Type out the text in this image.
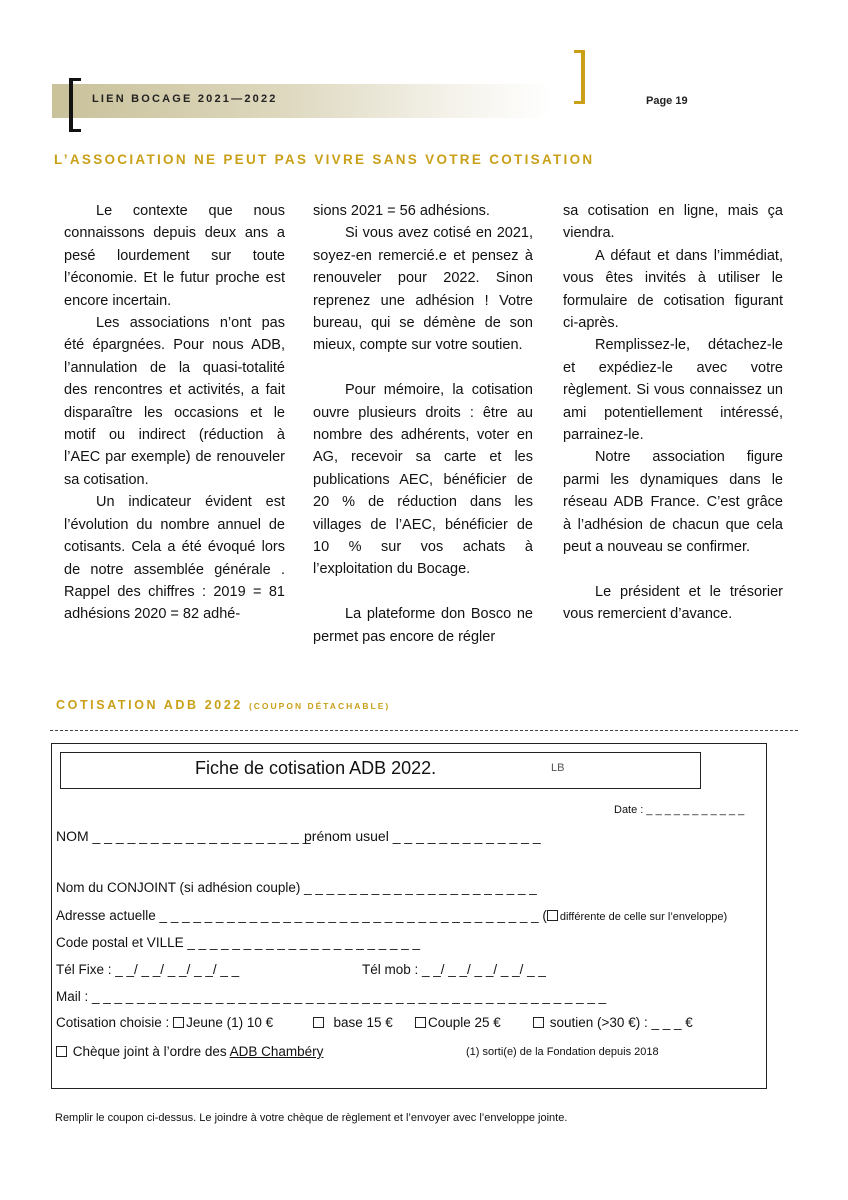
LIEN BOCAGE 2021—2022	Page 19
L’ASSOCIATION NE PEUT PAS VIVRE SANS VOTRE COTISATION

Le contexte que nous connaissons depuis deux ans a pesé lourdement sur toute l’économie. Et le futur proche est encore incertain.

Les associations n’ont pas été épargnées. Pour nous ADB, l’annulation de la quasi-totalité des rencontres et activités, a fait disparaître les occasions et le motif ou indirect (réduction à l’AEC par exemple) de renouveler sa cotisation.

Un indicateur évident est l’évolution du nombre annuel de cotisants. Cela a été évoqué lors de notre assemblée générale . Rappel des chiffres : 2019 = 81 adhésions 2020 = 82 adhé-

sions 2021 = 56 adhésions.

Si vous avez cotisé en 2021, soyez-en remercié.e et pensez à renouveler pour 2022. Sinon reprenez une adhésion ! Votre bureau, qui se démène de son mieux, compte sur votre soutien.

Pour mémoire, la cotisation ouvre plusieurs droits : être au nombre des adhérents, voter en AG, recevoir sa carte et les publications AEC, bénéficier de 20 % de réduction dans les villages de l’AEC, bénéficier de 10 % sur vos achats à l’exploitation du Bocage.

La plateforme don Bosco ne permet pas encore de régler

sa cotisation en ligne, mais ça viendra.

A défaut et dans l’immédiat, vous êtes invités à utiliser le formulaire de cotisation figurant ci-après.

Remplissez-le, détachez-le et expédiez-le avec votre règlement. Si vous connaissez un ami potentiellement intéressé, parrainez-le.

Notre association figure parmi les dynamiques dans le réseau ADB France. C’est grâce à l’adhésion de chacun que cela peut a nouveau se confirmer.

Le président et le trésorier vous remercient d’avance.

COTISATION ADB 2022 (COUPON DÉTACHABLE)
Fiche de cotisation ADB 2022.	LB
Date : _ _ _ _ _ _ _ _ _ _ _
NOM _ _ _ _ _ _ _ _ _ _ _ _ _ _ _ _ _ _ _
prénom usuel _ _ _ _ _ _ _ _ _ _ _ _ _
Nom du CONJOINT (si adhésion couple) _ _ _ _ _ _ _ _ _ _ _ _ _ _ _ _ _ _ _ _ _
Adresse actuelle _ _ _ _ _ _ _ _ _ _ _ _ _ _ _ _ _ _ _ _ _ _ _ _ _ _ _ _ _ _ _ _ _ _ ( différente de celle sur l’enveloppe)
Code postal et VILLE _ _ _ _ _ _ _ _ _ _ _ _ _ _ _ _ _ _ _ _ _
Tél Fixe : _ _/ _ _/ _ _/ _ _/ _ _	Tél mob : _ _/ _ _/ _ _/ _ _/ _ _
Mail : _ _ _ _ _ _ _ _ _ _ _ _ _ _ _ _ _ _ _ _ _ _ _ _ _ _ _ _ _ _ _ _ _ _ _ _ _ _ _ _ _ _ _ _ _ _
Cotisation choisie : Jeune (1) 10 €	base 15 €	Couple 25 €	soutien (>30 €) : _ _ _ €
Chèque joint à l’ordre des ADB Chambéry	(1) sorti(e) de la Fondation depuis 2018
Remplir le coupon ci-dessus. Le joindre à votre chèque de règlement et l’envoyer avec l’enveloppe jointe.
